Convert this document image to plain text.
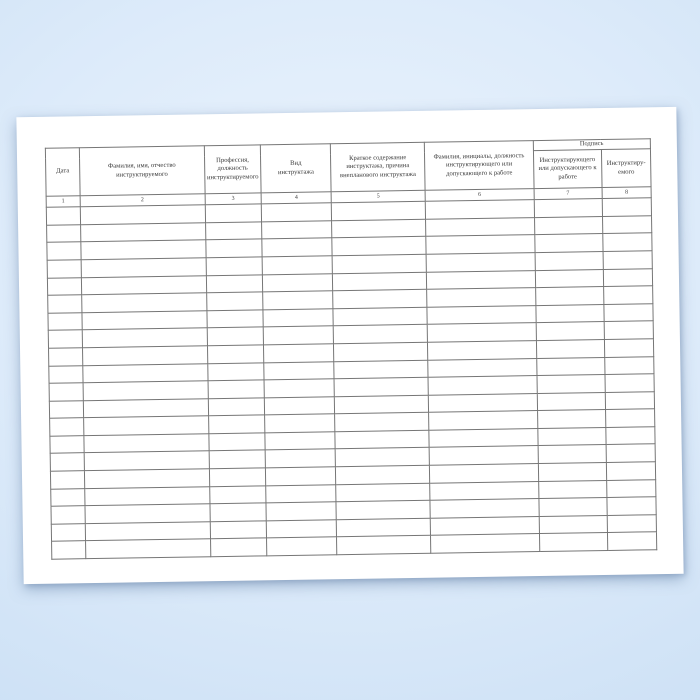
Дата	Фамилия, имя, отчество инструктируемого	Профессия, должность инструктируемого	Вид инструктажа	Краткое содержание инструктажа, причина внепланового инструктажа	Фамилия, инициалы, должность инструктирующего или допускающего к работе	Подпись	
						Инструктирующего или допускающего к работе	Инструктиру-емого
1	2	3	4	5	6	7	8
